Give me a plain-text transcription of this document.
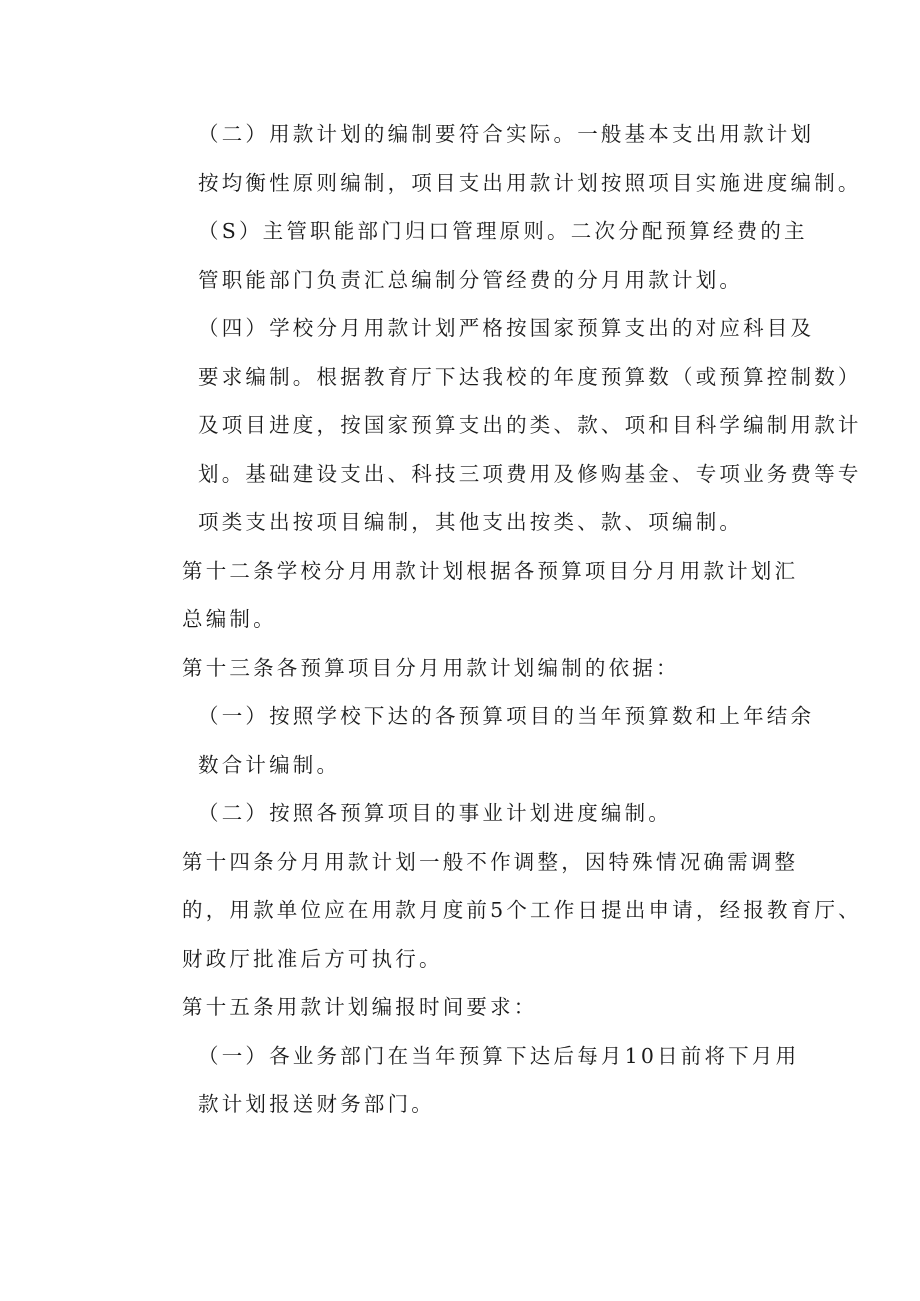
（二）用款计划的编制要符合实际。一般基本支出用款计划
按均衡性原则编制，项目支出用款计划按照项目实施进度编制。

（S）主管职能部门归口管理原则。二次分配预算经费的主
管职能部门负责汇总编制分管经费的分月用款计划。

（四）学校分月用款计划严格按国家预算支出的对应科目及
要求编制。根据教育厅下达我校的年度预算数（或预算控制数）
及项目进度，按国家预算支出的类、款、项和目科学编制用款计
划。基础建设支出、科技三项费用及修购基金、专项业务费等专
项类支出按项目编制，其他支出按类、款、项编制。

第十二条学校分月用款计划根据各预算项目分月用款计划汇
总编制。

第十三条各预算项目分月用款计划编制的依据：

（一）按照学校下达的各预算项目的当年预算数和上年结余
数合计编制。

（二）按照各预算项目的事业计划进度编制。

第十四条分月用款计划一般不作调整，因特殊情况确需调整
的，用款单位应在用款月度前5个工作日提出申请，经报教育厅、
财政厅批准后方可执行。

第十五条用款计划编报时间要求：

（一）各业务部门在当年预算下达后每月10日前将下月用
款计划报送财务部门。
